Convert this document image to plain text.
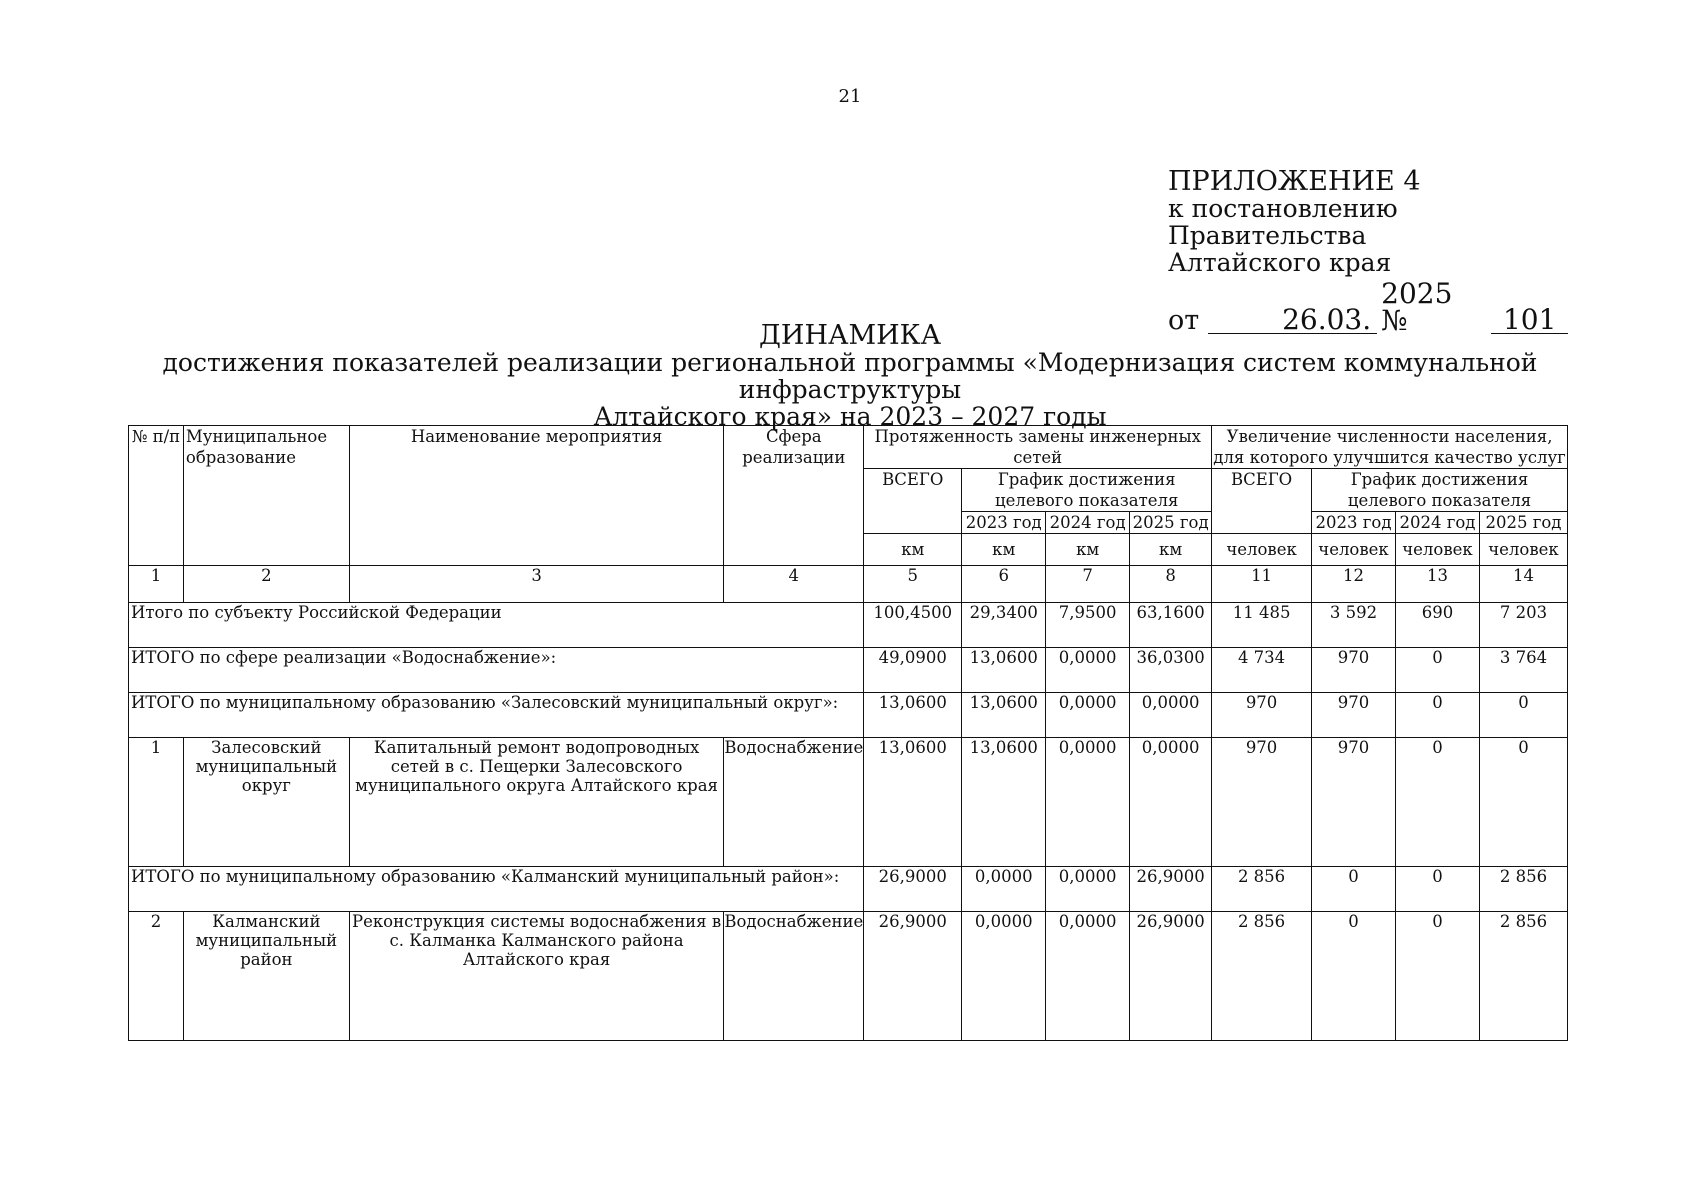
21
ПРИЛОЖЕНИЕ 4
к постановлению Правительства
Алтайского края
от	26.03.
2025 №	101
ДИНАМИКА
достижения показателей реализации региональной программы «Модернизация систем коммунальной инфраструктуры
Алтайского края» на 2023 – 2027 годы
№ п/п	Муниципальное образование	Наименование мероприятия	Сфера реализации	Протяженность замены инженерных сетей				Увеличение численности населения, для которого улучшится качество услуг			
				ВСЕГО	График достижения целевого показателя			ВСЕГО	График достижения целевого показателя		
					2023 год	2024 год	2025 год		2023 год	2024 год	2025 год
				км	км	км	км	человек	человек	человек	человек
1	2	3	4	5	6	7	8	11	12	13	14
Итого по субъекту Российской Федерации				100,4500	29,3400	7,9500	63,1600	11 485	3 592	690	7 203
ИТОГО по сфере реализации «Водоснабжение»:				49,0900	13,0600	0,0000	36,0300	4 734	970	0	3 764
ИТОГО по муниципальному образованию «Залесовский муниципальный округ»:				13,0600	13,0600	0,0000	0,0000	970	970	0	0
1	Залесовский муниципальный округ	Капитальный ремонт водопроводных сетей в с. Пещерки Залесовского муниципального округа Алтайского края	Водоснабжение	13,0600	13,0600	0,0000	0,0000	970	970	0	0
ИТОГО по муниципальному образованию «Калманский муниципальный район»:				26,9000	0,0000	0,0000	26,9000	2 856	0	0	2 856
2	Калманский муниципальный район	Реконструкция системы водоснабжения в с. Калманка Калманского района Алтайского края	Водоснабжение	26,9000	0,0000	0,0000	26,9000	2 856	0	0	2 856
